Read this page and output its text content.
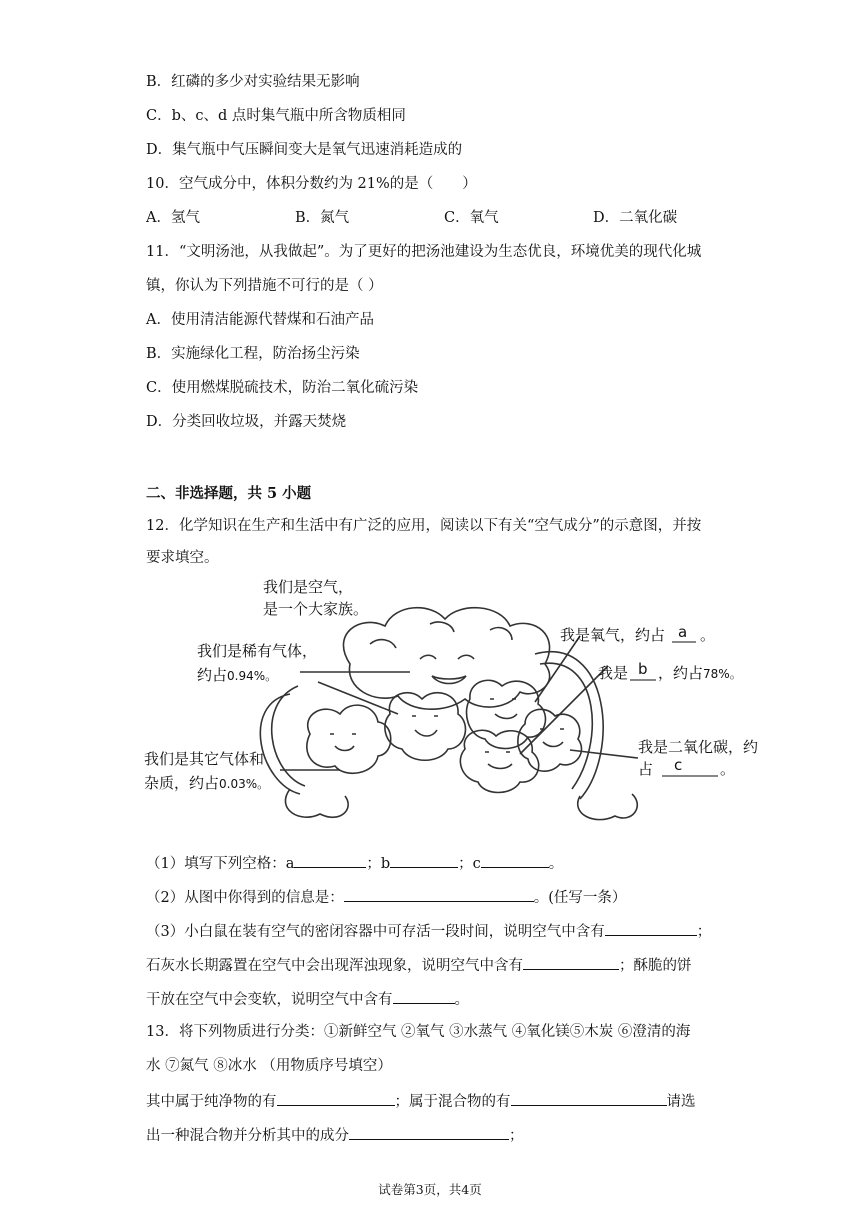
B．红磷的多少对实验结果无影响
C．b、c、d 点时集气瓶中所含物质相同
D．集气瓶中气压瞬间变大是氧气迅速消耗造成的
10．空气成分中，体积分数约为 21%的是（　　）
A．氢气	B．氮气	C．氧气	D．二氧化碳
11．“文明汤池，从我做起”。为了更好的把汤池建设为生态优良，环境优美的现代化城
镇，你认为下列措施不可行的是（ ）
A．使用清洁能源代替煤和石油产品
B．实施绿化工程，防治扬尘污染
C．使用燃煤脱硫技术，防治二氧化硫污染
D．分类回收垃圾，并露天焚烧
二、非选择题，共 5 小题
12．化学知识在生产和生活中有广泛的应用，阅读以下有关“空气成分”的示意图，并按
要求填空。
我们是空气，
是一个大家族。
我们是稀有气体，
约占0.94%。
我是氧气，约占 a 。
我是 b ，约占78%。
我们是其它气体和
杂质，约占0.03%。
我是二氧化碳，约
占 c	。
（1）填写下列空格：a	；b	；c	。
（2）从图中你得到的信息是：	。(任写一条）
（3）小白鼠在装有空气的密闭容器中可存活一段时间，说明空气中含有	；
石灰水长期露置在空气中会出现浑浊现象，说明空气中含有	；酥脆的饼
干放在空气中会变软，说明空气中含有	。
13．将下列物质进行分类：①新鲜空气 ②氧气 ③水蒸气 ④氧化镁⑤木炭 ⑥澄清的海
水 ⑦氮气 ⑧冰水 （用物质序号填空）
其中属于纯净物的有	；属于混合物的有	请选
出一种混合物并分析其中的成分	；
试卷第3页，共4页
